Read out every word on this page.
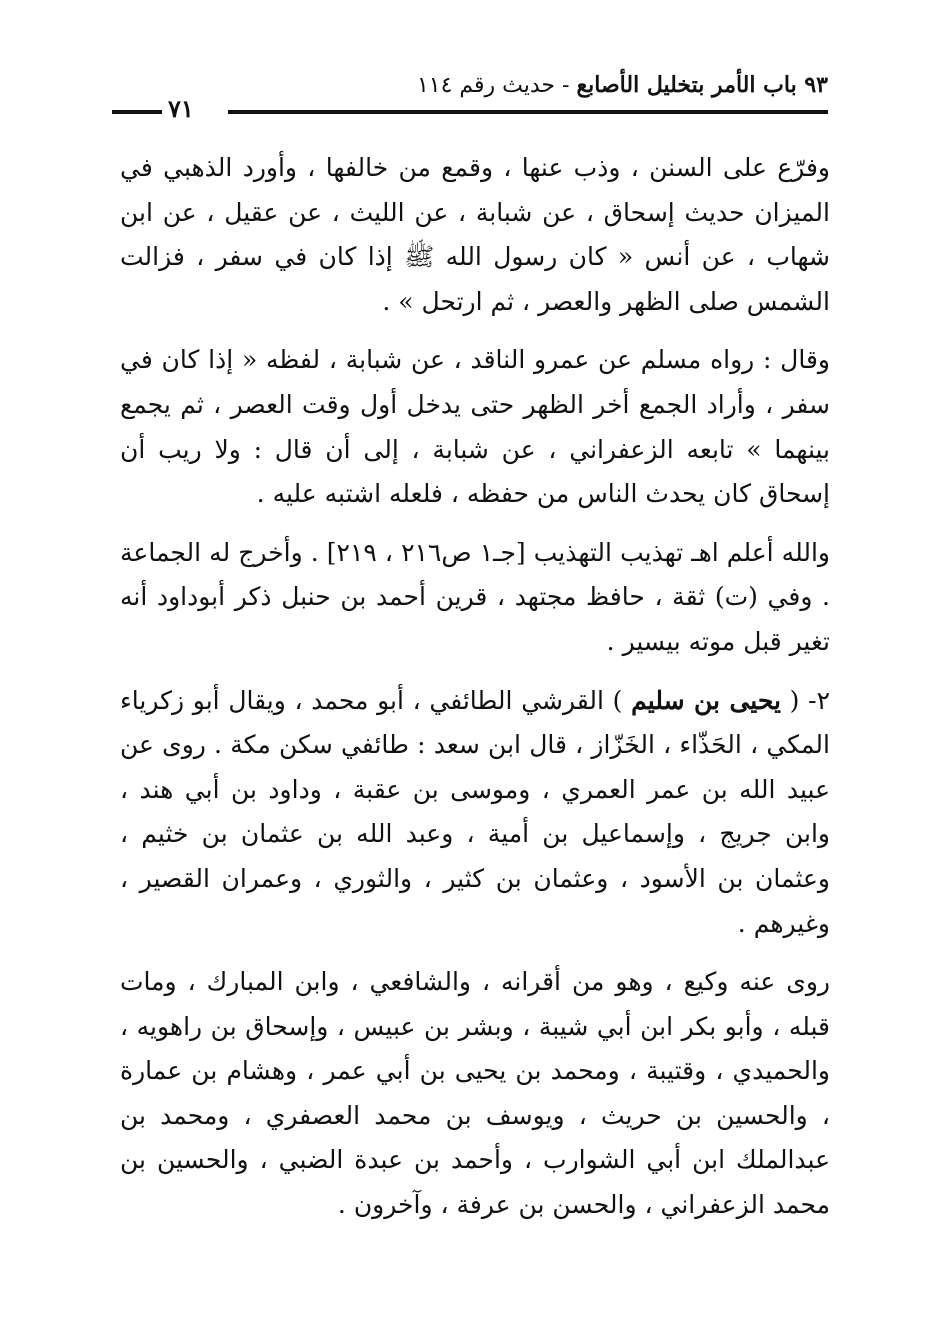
٩٣ باب الأمر بتخليل الأصابع - حديث رقم ١١٤
٧١

وفرّع على السنن ، وذب عنها ، وقمع من خالفها ، وأورد الذهبي في الميزان حديث إسحاق ، عن شبابة ، عن الليث ، عن عقيل ، عن ابن شهاب ، عن أنس « كان رسول الله ﷺ إذا كان في سفر ، فزالت الشمس صلى الظهر والعصر ، ثم ارتحل » .

وقال : رواه مسلم عن عمرو الناقد ، عن شبابة ، لفظه « إذا كان في سفر ، وأراد الجمع أخر الظهر حتى يدخل أول وقت العصر ، ثم يجمع بينهما » تابعه الزعفراني ، عن شبابة ، إلى أن قال : ولا ريب أن إسحاق كان يحدث الناس من حفظه ، فلعله اشتبه عليه .

والله أعلم اهـ تهذيب التهذيب [جـ١ ص٢١٦ ، ٢١٩] . وأخرج له الجماعة . وفي (ت) ثقة ، حافظ مجتهد ، قرين أحمد بن حنبل ذكر أبوداود أنه تغير قبل موته بيسير .

٢- ( يحيى بن سليم ) القرشي الطائفي ، أبو محمد ، ويقال أبو زكرياء المكي ، الحَذّاء ، الخَزّاز ، قال ابن سعد : طائفي سكن مكة . روى عن عبيد الله بن عمر العمري ، وموسى بن عقبة ، وداود بن أبي هند ، وابن جريج ، وإسماعيل بن أمية ، وعبد الله بن عثمان بن خثيم ، وعثمان بن الأسود ، وعثمان بن كثير ، والثوري ، وعمران القصير ، وغيرهم .

روى عنه وكيع ، وهو من أقرانه ، والشافعي ، وابن المبارك ، ومات قبله ، وأبو بكر ابن أبي شيبة ، وبشر بن عبيس ، وإسحاق بن راهويه ، والحميدي ، وقتيبة ، ومحمد بن يحيى بن أبي عمر ، وهشام بن عمارة ، والحسين بن حريث ، ويوسف بن محمد العصفري ، ومحمد بن عبدالملك ابن أبي الشوارب ، وأحمد بن عبدة الضبي ، والحسين بن محمد الزعفراني ، والحسن بن عرفة ، وآخرون .
